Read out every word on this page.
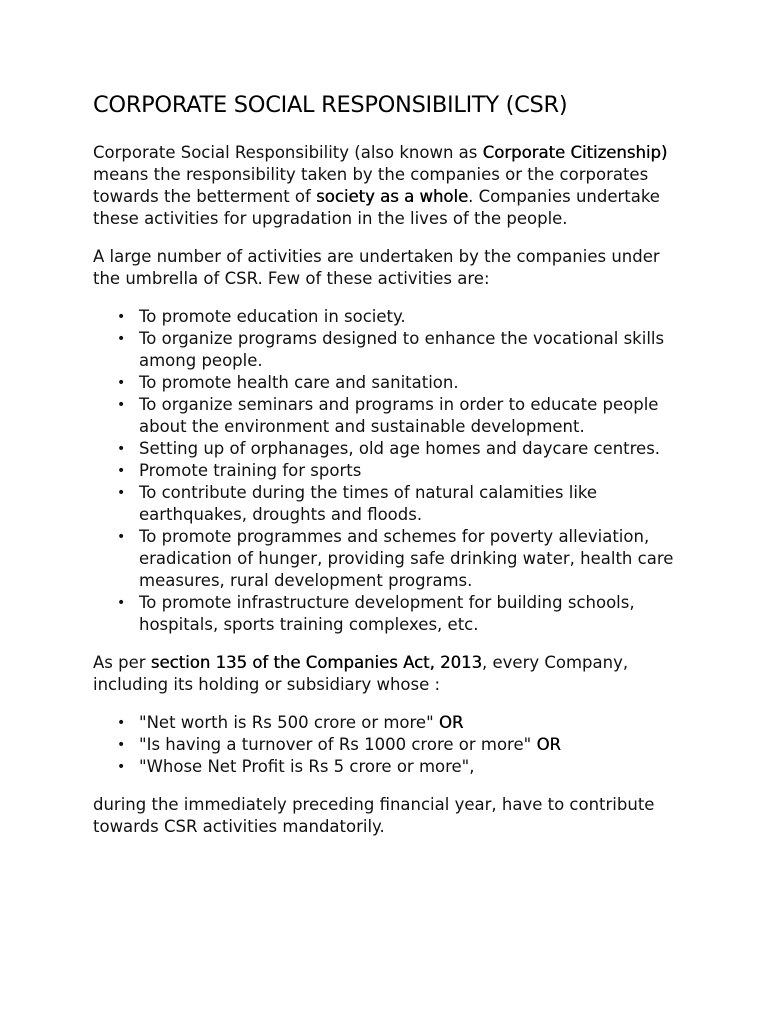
CORPORATE SOCIAL RESPONSIBILITY (CSR)

Corporate Social Responsibility (also known as Corporate Citizenship) means the responsibility taken by the companies or the corporates towards the betterment of society as a whole. Companies undertake these activities for upgradation in the lives of the people.

A large number of activities are undertaken by the companies under the umbrella of CSR. Few of these activities are:

• To promote education in society.
• To organize programs designed to enhance the vocational skills among people.
• To promote health care and sanitation.
• To organize seminars and programs in order to educate people about the environment and sustainable development.
• Setting up of orphanages, old age homes and daycare centres.
• Promote training for sports
• To contribute during the times of natural calamities like earthquakes, droughts and floods.
• To promote programmes and schemes for poverty alleviation, eradication of hunger, providing safe drinking water, health care measures, rural development programs.
• To promote infrastructure development for building schools, hospitals, sports training complexes, etc.

As per section 135 of the Companies Act, 2013, every Company, including its holding or subsidiary whose :

• "Net worth is Rs 500 crore or more" OR
• "Is having a turnover of Rs 1000 crore or more" OR
• "Whose Net Profit is Rs 5 crore or more",

during the immediately preceding financial year, have to contribute towards CSR activities mandatorily.
